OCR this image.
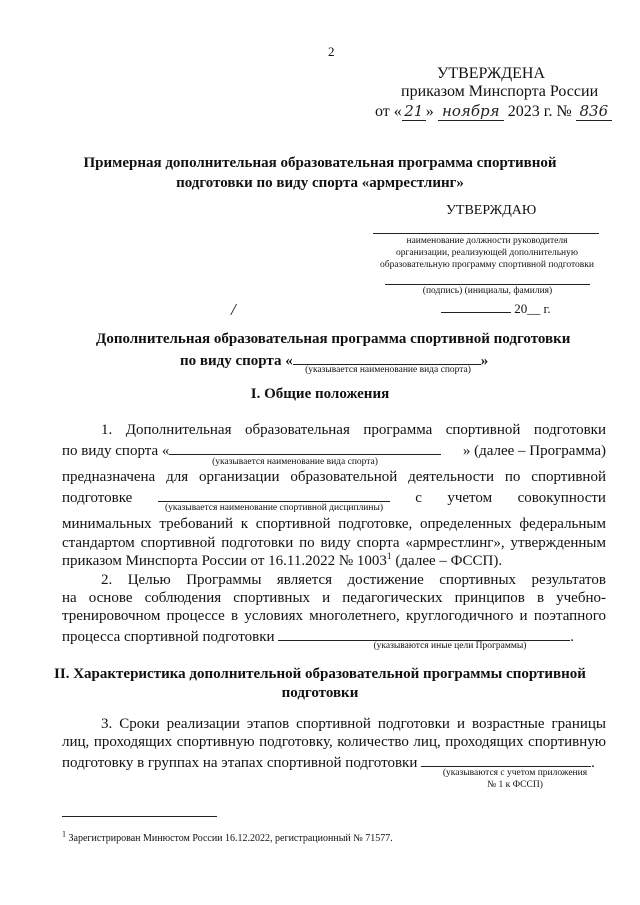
2
УТВЕРЖДЕНА
приказом Минспорта России
от « 21 » ноября 2023 г. № 836
Примерная дополнительная образовательная программа спортивной
подготовки по виду спорта «армрестлинг»
УТВЕРЖДАЮ
наименование должности руководителя
организации, реализующей дополнительную
образовательную программу спортивной подготовки
(подпись) (инициалы, фамилия)
20__ г.
/
Дополнительная образовательная программа спортивной подготовки
по виду спорта «	»
(указывается наименование вида спорта)
I. Общие положения
1. Дополнительная образовательная программа спортивной подготовки
по виду спорта «	» (далее – Программа)
(указывается наименование вида спорта)
предназначена для организации образовательной деятельности по спортивной
подготовке	с учетом совокупности
(указывается наименование спортивной дисциплины)
минимальных требований к спортивной подготовке, определенных федеральным
стандартом спортивной подготовки по виду спорта «армрестлинг», утвержденным
приказом Минспорта России от 16.11.2022 № 1003$^1$ (далее – ФССП).
2. Целью Программы является достижение спортивных результатов
на основе соблюдения спортивных и педагогических принципов в учебно-
тренировочном процессе в условиях многолетнего, круглогодичного и поэтапного
процесса спортивной подготовки	.
(указываются иные цели Программы)
II. Характеристика дополнительной образовательной программы спортивной
подготовки
3. Сроки реализации этапов спортивной подготовки и возрастные границы
лиц, проходящих спортивную подготовку, количество лиц, проходящих спортивную
подготовку в группах на этапах спортивной подготовки	.
(указываются с учетом приложения
№ 1 к ФССП)
$^1$ Зарегистрирован Минюстом России 16.12.2022, регистрационный № 71577.
